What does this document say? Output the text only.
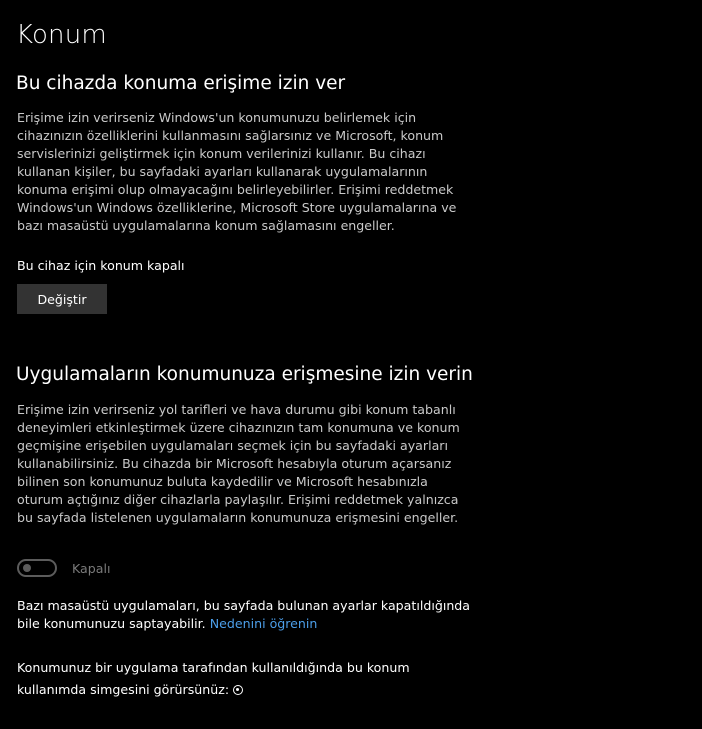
Konum
Bu cihazda konuma erişime izin ver
Erişime izin verirseniz Windows'un konumunuzu belirlemek için cihazınızın özelliklerini kullanmasını sağlarsınız ve Microsoft, konum servislerinizi geliştirmek için konum verilerinizi kullanır. Bu cihazı kullanan kişiler, bu sayfadaki ayarları kullanarak uygulamalarının konuma erişimi olup olmayacağını belirleyebilirler. Erişimi reddetmek Windows'un Windows özelliklerine, Microsoft Store uygulamalarına ve bazı masaüstü uygulamalarına konum sağlamasını engeller.
Bu cihaz için konum kapalı
Değiştir
Uygulamaların konumunuza erişmesine izin verin
Erişime izin verirseniz yol tarifleri ve hava durumu gibi konum tabanlı deneyimleri etkinleştirmek üzere cihazınızın tam konumuna ve konum geçmişine erişebilen uygulamaları seçmek için bu sayfadaki ayarları kullanabilirsiniz. Bu cihazda bir Microsoft hesabıyla oturum açarsanız bilinen son konumunuz buluta kaydedilir ve Microsoft hesabınızla oturum açtığınız diğer cihazlarla paylaşılır. Erişimi reddetmek yalnızca bu sayfada listelenen uygulamaların konumunuza erişmesini engeller.
Kapalı
Bazı masaüstü uygulamaları, bu sayfada bulunan ayarlar kapatıldığında bile konumunuzu saptayabilir. Nedenini öğrenin
Konumunuz bir uygulama tarafından kullanıldığında bu konum kullanımda simgesini görürsünüz:
